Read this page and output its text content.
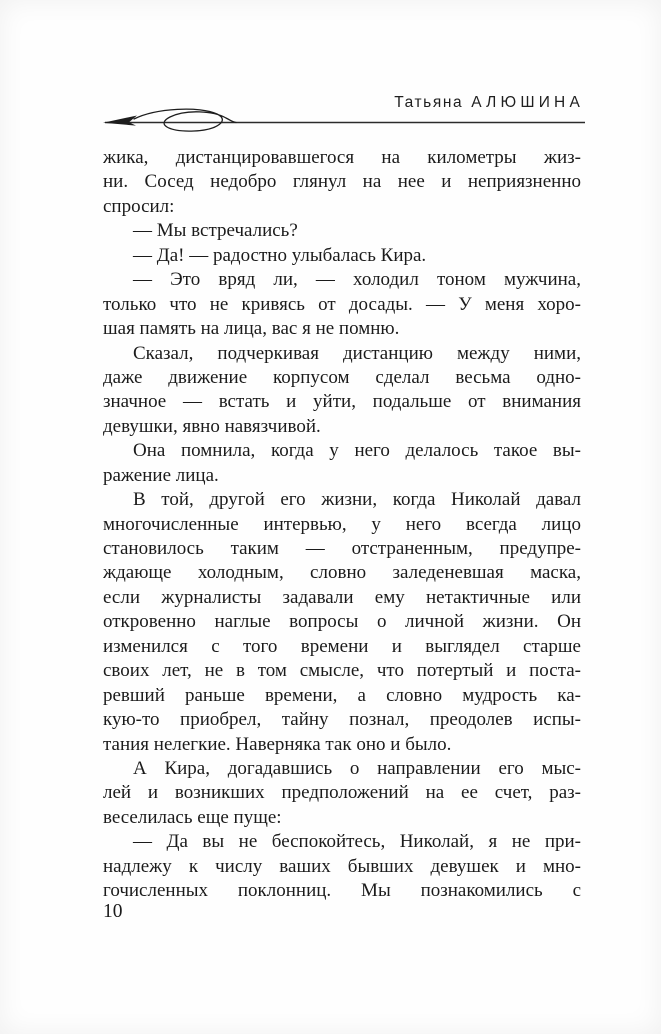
Татьяна АЛЮШИНА
жика, дистанцировавшегося на километры жиз-
ни. Сосед недобро глянул на нее и неприязненно
спросил:
— Мы встречались?
— Да! — радостно улыбалась Кира.
— Это вряд ли, — холодил тоном мужчина,
только что не кривясь от досады. — У меня хоро-
шая память на лица, вас я не помню.
Сказал, подчеркивая дистанцию между ними,
даже движение корпусом сделал весьма одно-
значное — встать и уйти, подальше от внимания
девушки, явно навязчивой.
Она помнила, когда у него делалось такое вы-
ражение лица.
В той, другой его жизни, когда Николай давал
многочисленные интервью, у него всегда лицо
становилось таким — отстраненным, предупре-
ждающе холодным, словно заледеневшая маска,
если журналисты задавали ему нетактичные или
откровенно наглые вопросы о личной жизни. Он
изменился с того времени и выглядел старше
своих лет, не в том смысле, что потертый и поста-
ревший раньше времени, а словно мудрость ка-
кую-то приобрел, тайну познал, преодолев испы-
тания нелегкие. Наверняка так оно и было.
А Кира, догадавшись о направлении его мыс-
лей и возникших предположений на ее счет, раз-
веселилась еще пуще:
— Да вы не беспокойтесь, Николай, я не при-
надлежу к числу ваших бывших девушек и мно-
гочисленных поклонниц. Мы познакомились с
10
